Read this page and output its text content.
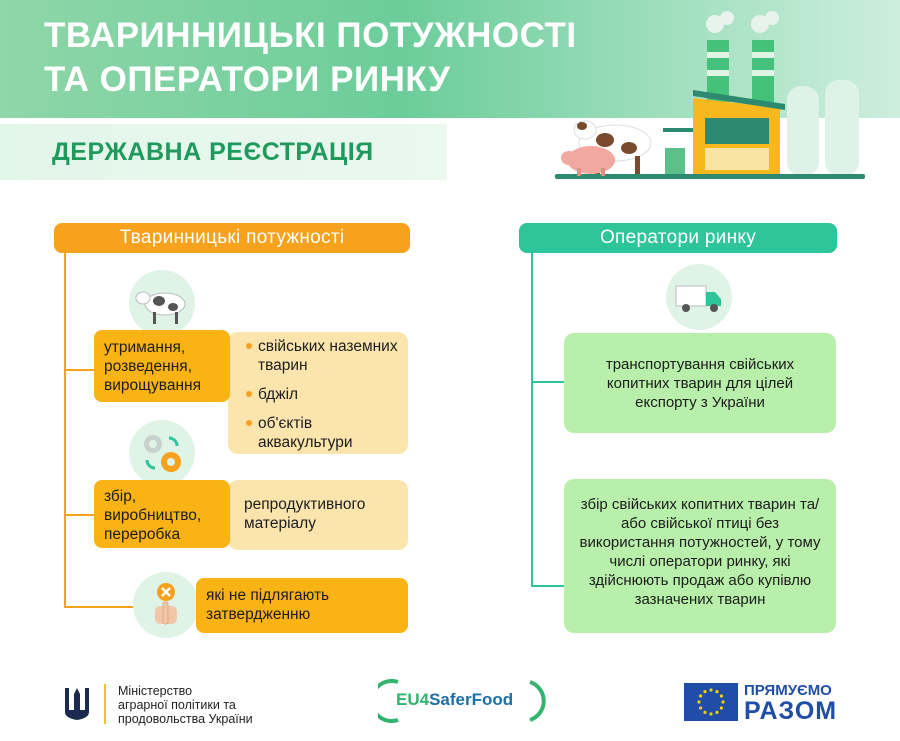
ТВАРИННИЦЬКІ ПОТУЖНОСТІ
ТА ОПЕРАТОРИ РИНКУ
ДЕРЖАВНА РЕЄСТРАЦІЯ
Тваринницькі потужності
утримання,
розведення,
вирощування
свійських наземних тварин
бджіл
об'єктів аквакультури
збір,
виробництво,
переробка
репродуктивного матеріалу
які не підлягають затвердженню
Оператори ринку
транспортування свійських копитних тварин для цілей експорту з України
збір свійських копитних тварин та/або свійської птиці без використання потужностей, у тому числі оператори ринку, які здійснюють продаж або купівлю зазначених тварин
Міністерство
аграрної політики та
продовольства України
EU4SaferFood	ПРЯМУЄМО
РАЗОМ
